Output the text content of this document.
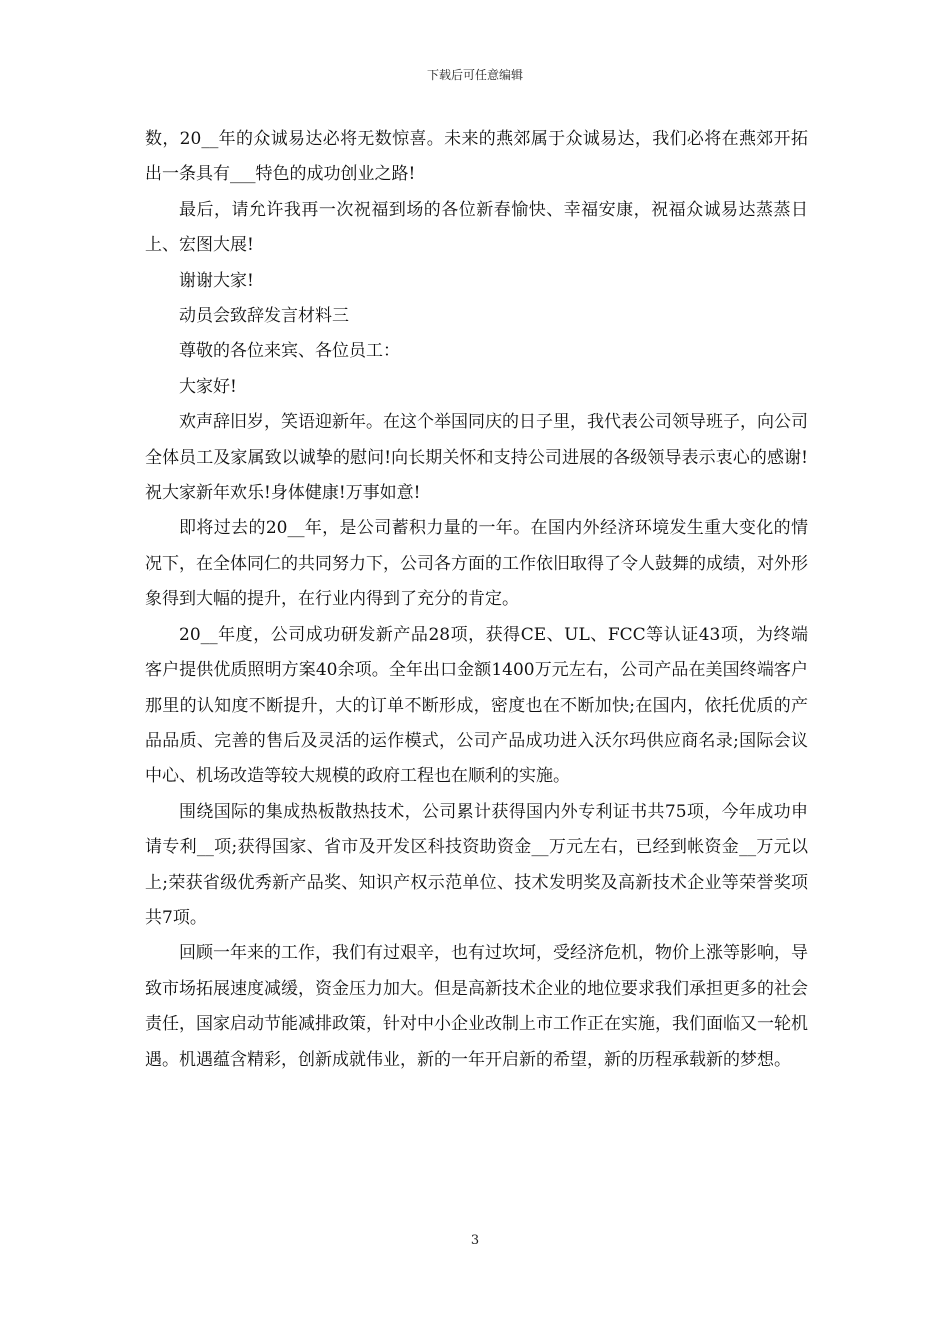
下载后可任意编辑

数，20__年的众诚易达必将无数惊喜。未来的燕郊属于众诚易达，我们必将在燕郊开拓出一条具有___特色的成功创业之路!

最后，请允许我再一次祝福到场的各位新春愉快、幸福安康，祝福众诚易达蒸蒸日上、宏图大展!

谢谢大家!

动员会致辞发言材料三

尊敬的各位来宾、各位员工：

大家好!

欢声辞旧岁，笑语迎新年。在这个举国同庆的日子里，我代表公司领导班子，向公司全体员工及家属致以诚挚的慰问!向长期关怀和支持公司进展的各级领导表示衷心的感谢!祝大家新年欢乐!身体健康!万事如意!

即将过去的20__年，是公司蓄积力量的一年。在国内外经济环境发生重大变化的情况下，在全体同仁的共同努力下，公司各方面的工作依旧取得了令人鼓舞的成绩，对外形象得到大幅的提升，在行业内得到了充分的肯定。

20__年度，公司成功研发新产品28项，获得CE、UL、FCC等认证43项，为终端客户提供优质照明方案40余项。全年出口金额1400万元左右，公司产品在美国终端客户那里的认知度不断提升，大的订单不断形成，密度也在不断加快;在国内，依托优质的产品品质、完善的售后及灵活的运作模式，公司产品成功进入沃尔玛供应商名录;国际会议中心、机场改造等较大规模的政府工程也在顺利的实施。

围绕国际的集成热板散热技术，公司累计获得国内外专利证书共75项，今年成功申请专利__项;获得国家、省市及开发区科技资助资金__万元左右，已经到帐资金__万元以上;荣获省级优秀新产品奖、知识产权示范单位、技术发明奖及高新技术企业等荣誉奖项共7项。

回顾一年来的工作，我们有过艰辛，也有过坎坷，受经济危机，物价上涨等影响，导致市场拓展速度减缓，资金压力加大。但是高新技术企业的地位要求我们承担更多的社会责任，国家启动节能减排政策，针对中小企业改制上市工作正在实施，我们面临又一轮机遇。机遇蕴含精彩，创新成就伟业，新的一年开启新的希望，新的历程承载新的梦想。

3
